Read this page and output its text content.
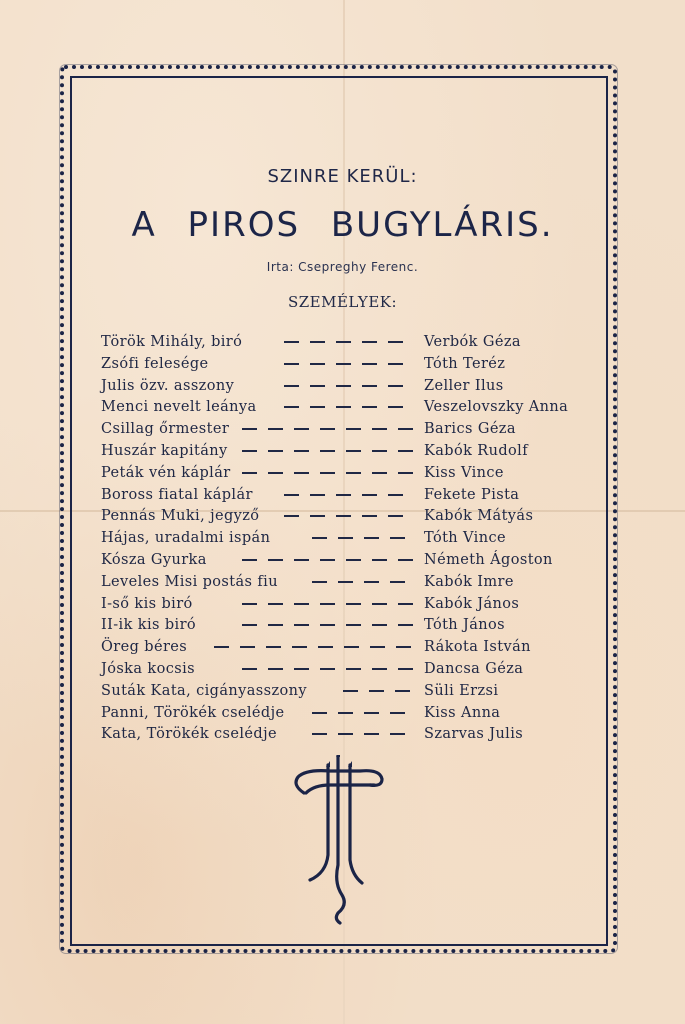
SZINRE KERÜL:
A PIROS BUGYLÁRIS.
Irta: Csepreghy Ferenc.
SZEMÉLYEK:
Török Mihály, biró	Verbók Géza
Zsófi felesége	Tóth Teréz
Julis özv. asszony	Zeller Ilus
Menci nevelt leánya	Veszelovszky Anna
Csillag őrmester	Barics Géza
Huszár kapitány	Kabók Rudolf
Peták vén káplár	Kiss Vince
Boross fiatal káplár	Fekete Pista
Pennás Muki, jegyző	Kabók Mátyás
Hájas, uradalmi ispán	Tóth Vince
Kósza Gyurka	Németh Ágoston
Leveles Misi postás fiu	Kabók Imre
I-ső kis biró	Kabók János
II-ik kis biró	Tóth János
Öreg béres	Rákota István
Jóska kocsis	Dancsa Géza
Suták Kata, cigányasszony	Süli Erzsi
Panni, Törökék cselédje	Kiss Anna
Kata, Törökék cselédje	Szarvas Julis
